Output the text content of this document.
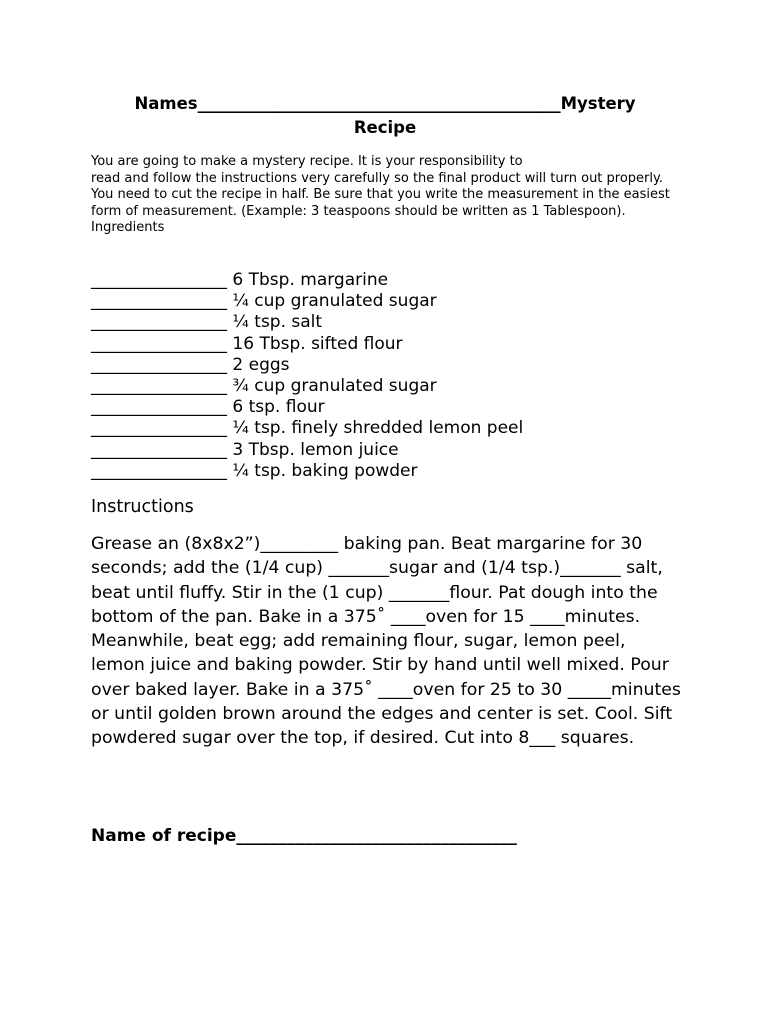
Names____________________________________________Mystery
Recipe

You are going to make a mystery recipe. It is your responsibility to

read and follow the instructions very carefully so the final product will turn out properly.

You need to cut the recipe in half. Be sure that you write the measurement in the easiest form of measurement. (Example: 3 teaspoons should be written as 1 Tablespoon).

Ingredients

________________ 6 Tbsp. margarine
________________ ¼ cup granulated sugar
________________ ¼ tsp. salt
________________ 16 Tbsp. sifted flour
________________ 2 eggs
________________ ¾ cup granulated sugar
________________ 6 tsp. flour
________________ ¼ tsp. finely shredded lemon peel
________________ 3 Tbsp. lemon juice
________________ ¼ tsp. baking powder
Instructions

Grease an (8x8x2”)_________ baking pan. Beat margarine for 30 seconds; add the (1/4 cup) _______sugar and (1/4 tsp.)_______ salt, beat until fluffy. Stir in the (1 cup) _______flour. Pat dough into the bottom of the pan. Bake in a 375˚ ____oven for 15 ____minutes. Meanwhile, beat egg; add remaining flour, sugar, lemon peel, lemon juice and baking powder. Stir by hand until well mixed. Pour over baked layer. Bake in a 375˚ ____oven for 25 to 30 _____minutes or until golden brown around the edges and center is set. Cool. Sift powdered sugar over the top, if desired. Cut into 8___ squares.

Name of recipe_________________________________
